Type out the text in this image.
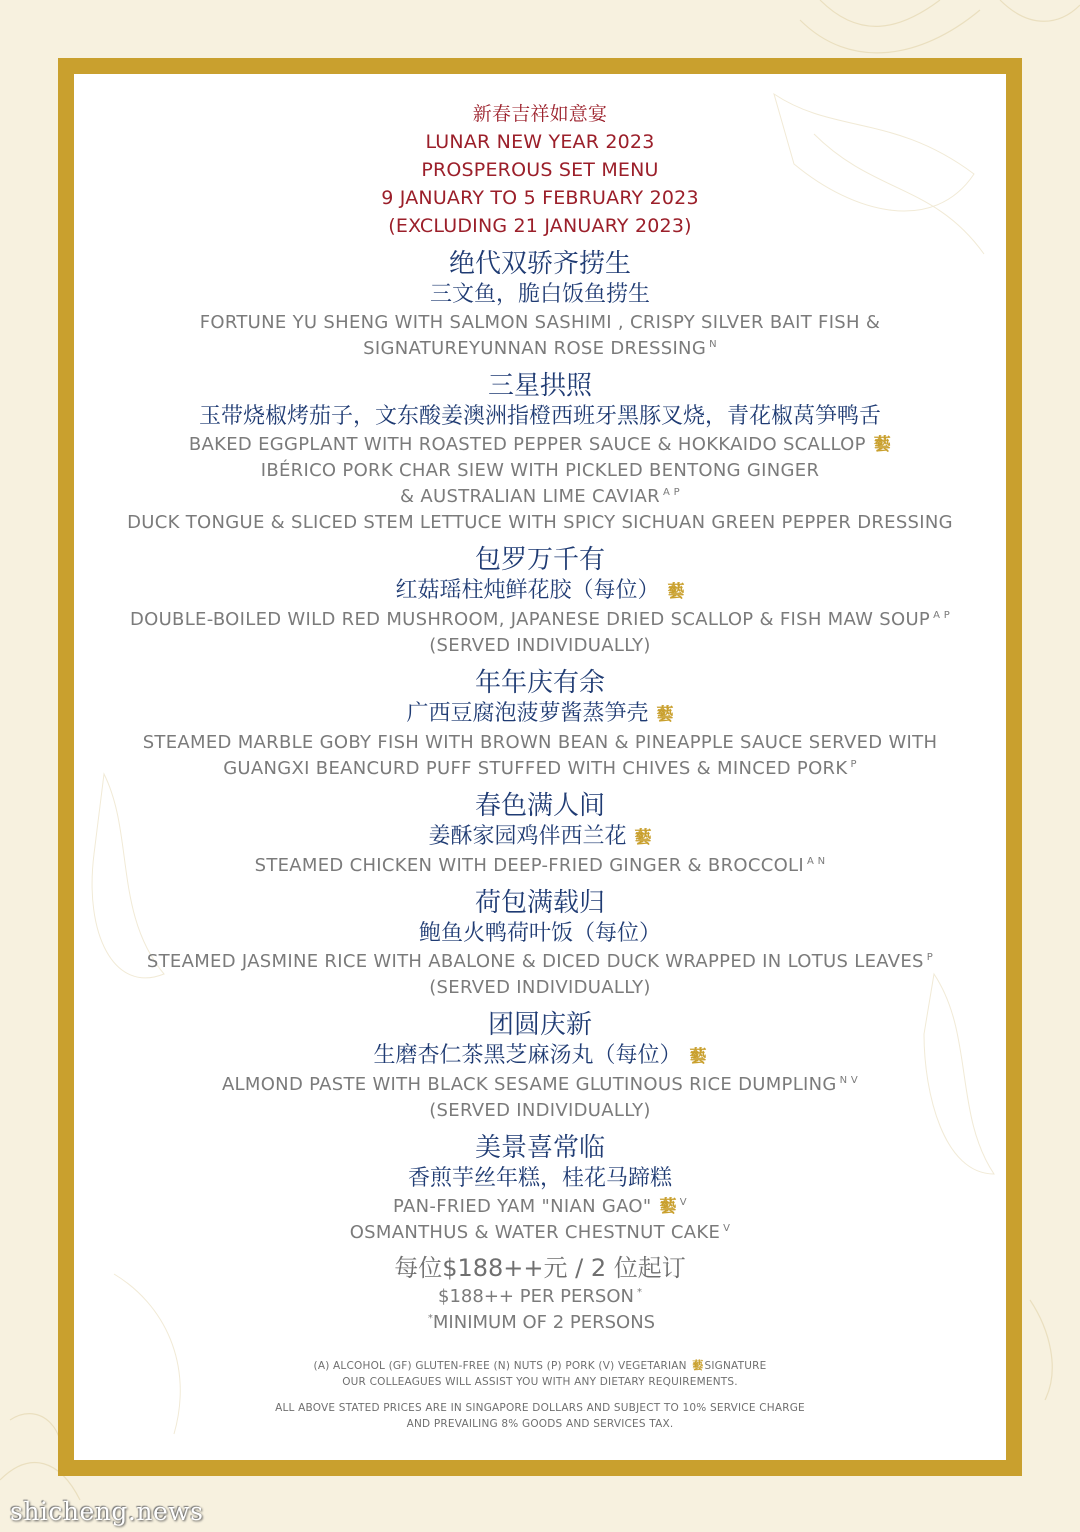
新春吉祥如意宴
LUNAR NEW YEAR 2023
PROSPEROUS SET MENU
9 JANUARY TO 5 FEBRUARY 2023
(EXCLUDING 21 JANUARY 2023)
绝代双骄齐捞生
三文鱼，脆白饭鱼捞生
FORTUNE YU SHENG WITH SALMON SASHIMI , CRISPY SILVER BAIT FISH &
SIGNATUREYUNNAN ROSE DRESSING $^N$
三星拱照
玉带烧椒烤茄子，文东酸姜澳洲指橙西班牙黑豚叉烧，青花椒莴笋鸭舌
BAKED EGGPLANT WITH ROASTED PEPPER SAUCE & HOKKAIDO SCALLOP 藝
IBÉRICO PORK CHAR SIEW WITH PICKLED BENTONG GINGER
& AUSTRALIAN LIME CAVIAR $^{A P}$
DUCK TONGUE & SLICED STEM LETTUCE WITH SPICY SICHUAN GREEN PEPPER DRESSING
包罗万千有
红菇瑶柱炖鲜花胶（每位） 藝
DOUBLE-BOILED WILD RED MUSHROOM, JAPANESE DRIED SCALLOP & FISH MAW SOUP $^{A P}$
(SERVED INDIVIDUALLY)
年年庆有余
广西豆腐泡菠萝酱蒸笋壳 藝
STEAMED MARBLE GOBY FISH WITH BROWN BEAN & PINEAPPLE SAUCE SERVED WITH
GUANGXI BEANCURD PUFF STUFFED WITH CHIVES & MINCED PORK $^P$
春色满人间
姜酥家园鸡伴西兰花 藝
STEAMED CHICKEN WITH DEEP-FRIED GINGER & BROCCOLI $^{A N}$
荷包满载归
鲍鱼火鸭荷叶饭（每位）
STEAMED JASMINE RICE WITH ABALONE & DICED DUCK WRAPPED IN LOTUS LEAVES $^P$
(SERVED INDIVIDUALLY)
团圆庆新
生磨杏仁茶黑芝麻汤丸（每位） 藝
ALMOND PASTE WITH BLACK SESAME GLUTINOUS RICE DUMPLING $^{N V}$
(SERVED INDIVIDUALLY)
美景喜常临
香煎芋丝年糕，桂花马蹄糕
PAN-FRIED YAM "NIAN GAO" 藝 $^V$
OSMANTHUS & WATER CHESTNUT CAKE $^V$
每位$188++元 / 2 位起订
$188++ PER PERSON *
*MINIMUM OF 2 PERSONS
(A) ALCOHOL (GF) GLUTEN-FREE (N) NUTS (P) PORK (V) VEGETARIAN 藝SIGNATURE
OUR COLLEAGUES WILL ASSIST YOU WITH ANY DIETARY REQUIREMENTS.
ALL ABOVE STATED PRICES ARE IN SINGAPORE DOLLARS AND SUBJECT TO 10% SERVICE CHARGE
AND PREVAILING 8% GOODS AND SERVICES TAX.
shicheng.news
